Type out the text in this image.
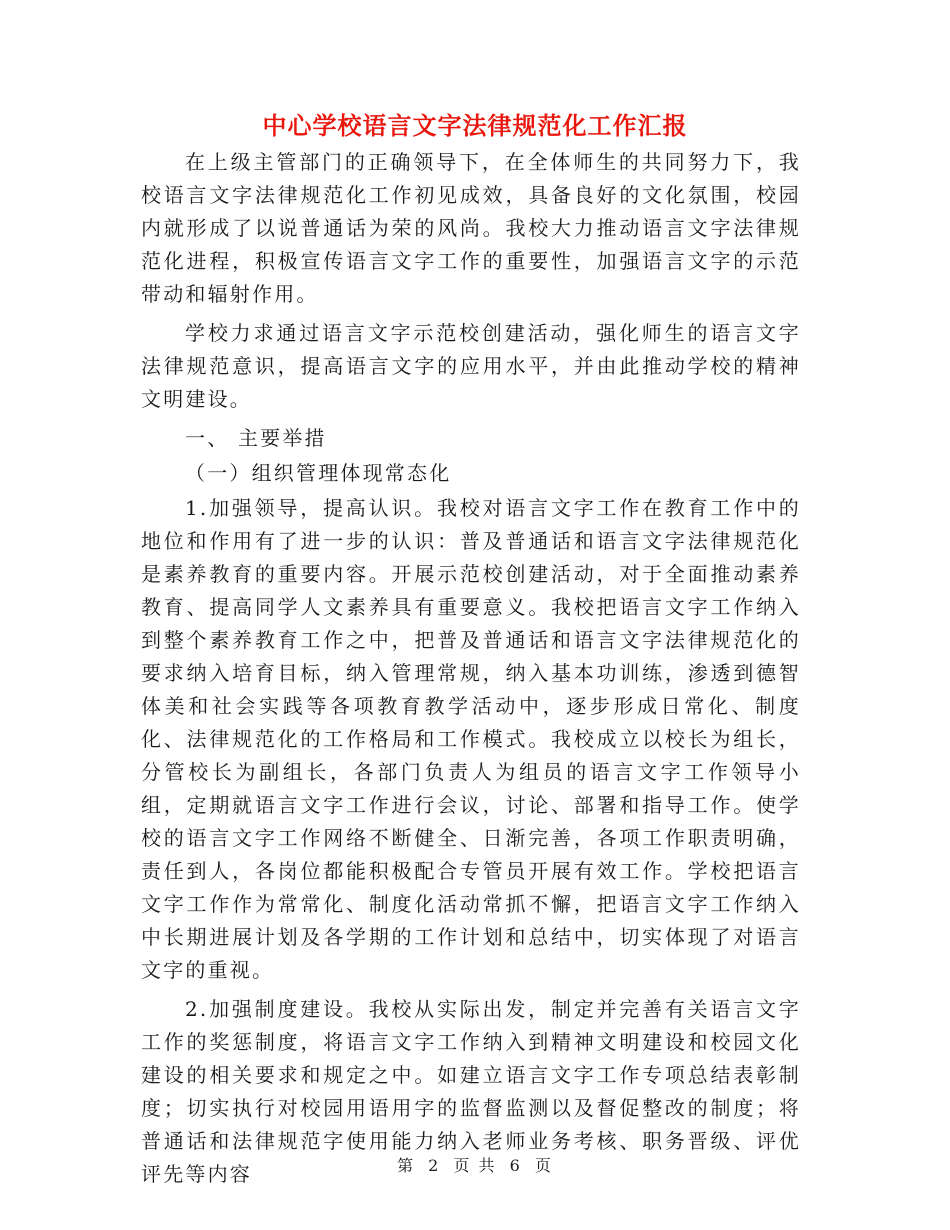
中心学校语言文字法律规范化工作汇报

在上级主管部门的正确领导下，在全体师生的共同努力下，我校语言文字法律规范化工作初见成效，具备良好的文化氛围，校园内就形成了以说普通话为荣的风尚。我校大力推动语言文字法律规范化进程，积极宣传语言文字工作的重要性，加强语言文字的示范带动和辐射作用。

学校力求通过语言文字示范校创建活动，强化师生的语言文字法律规范意识，提高语言文字的应用水平，并由此推动学校的精神文明建设。

一、 主要举措

（一）组织管理体现常态化

1.加强领导，提高认识。我校对语言文字工作在教育工作中的地位和作用有了进一步的认识：普及普通话和语言文字法律规范化是素养教育的重要内容。开展示范校创建活动，对于全面推动素养教育、提高同学人文素养具有重要意义。我校把语言文字工作纳入到整个素养教育工作之中，把普及普通话和语言文字法律规范化的要求纳入培育目标，纳入管理常规，纳入基本功训练，渗透到德智体美和社会实践等各项教育教学活动中，逐步形成日常化、制度化、法律规范化的工作格局和工作模式。我校成立以校长为组长，分管校长为副组长，各部门负责人为组员的语言文字工作领导小组，定期就语言文字工作进行会议，讨论、部署和指导工作。使学校的语言文字工作网络不断健全、日渐完善，各项工作职责明确，责任到人，各岗位都能积极配合专管员开展有效工作。学校把语言文字工作作为常常化、制度化活动常抓不懈，把语言文字工作纳入中长期进展计划及各学期的工作计划和总结中，切实体现了对语言文字的重视。

2.加强制度建设。我校从实际出发，制定并完善有关语言文字工作的奖惩制度，将语言文字工作纳入到精神文明建设和校园文化建设的相关要求和规定之中。如建立语言文字工作专项总结表彰制度；切实执行对校园用语用字的监督监测以及督促整改的制度；将普通话和法律规范字使用能力纳入老师业务考核、职务晋级、评优评先等内容	第 2 页 共 6 页
